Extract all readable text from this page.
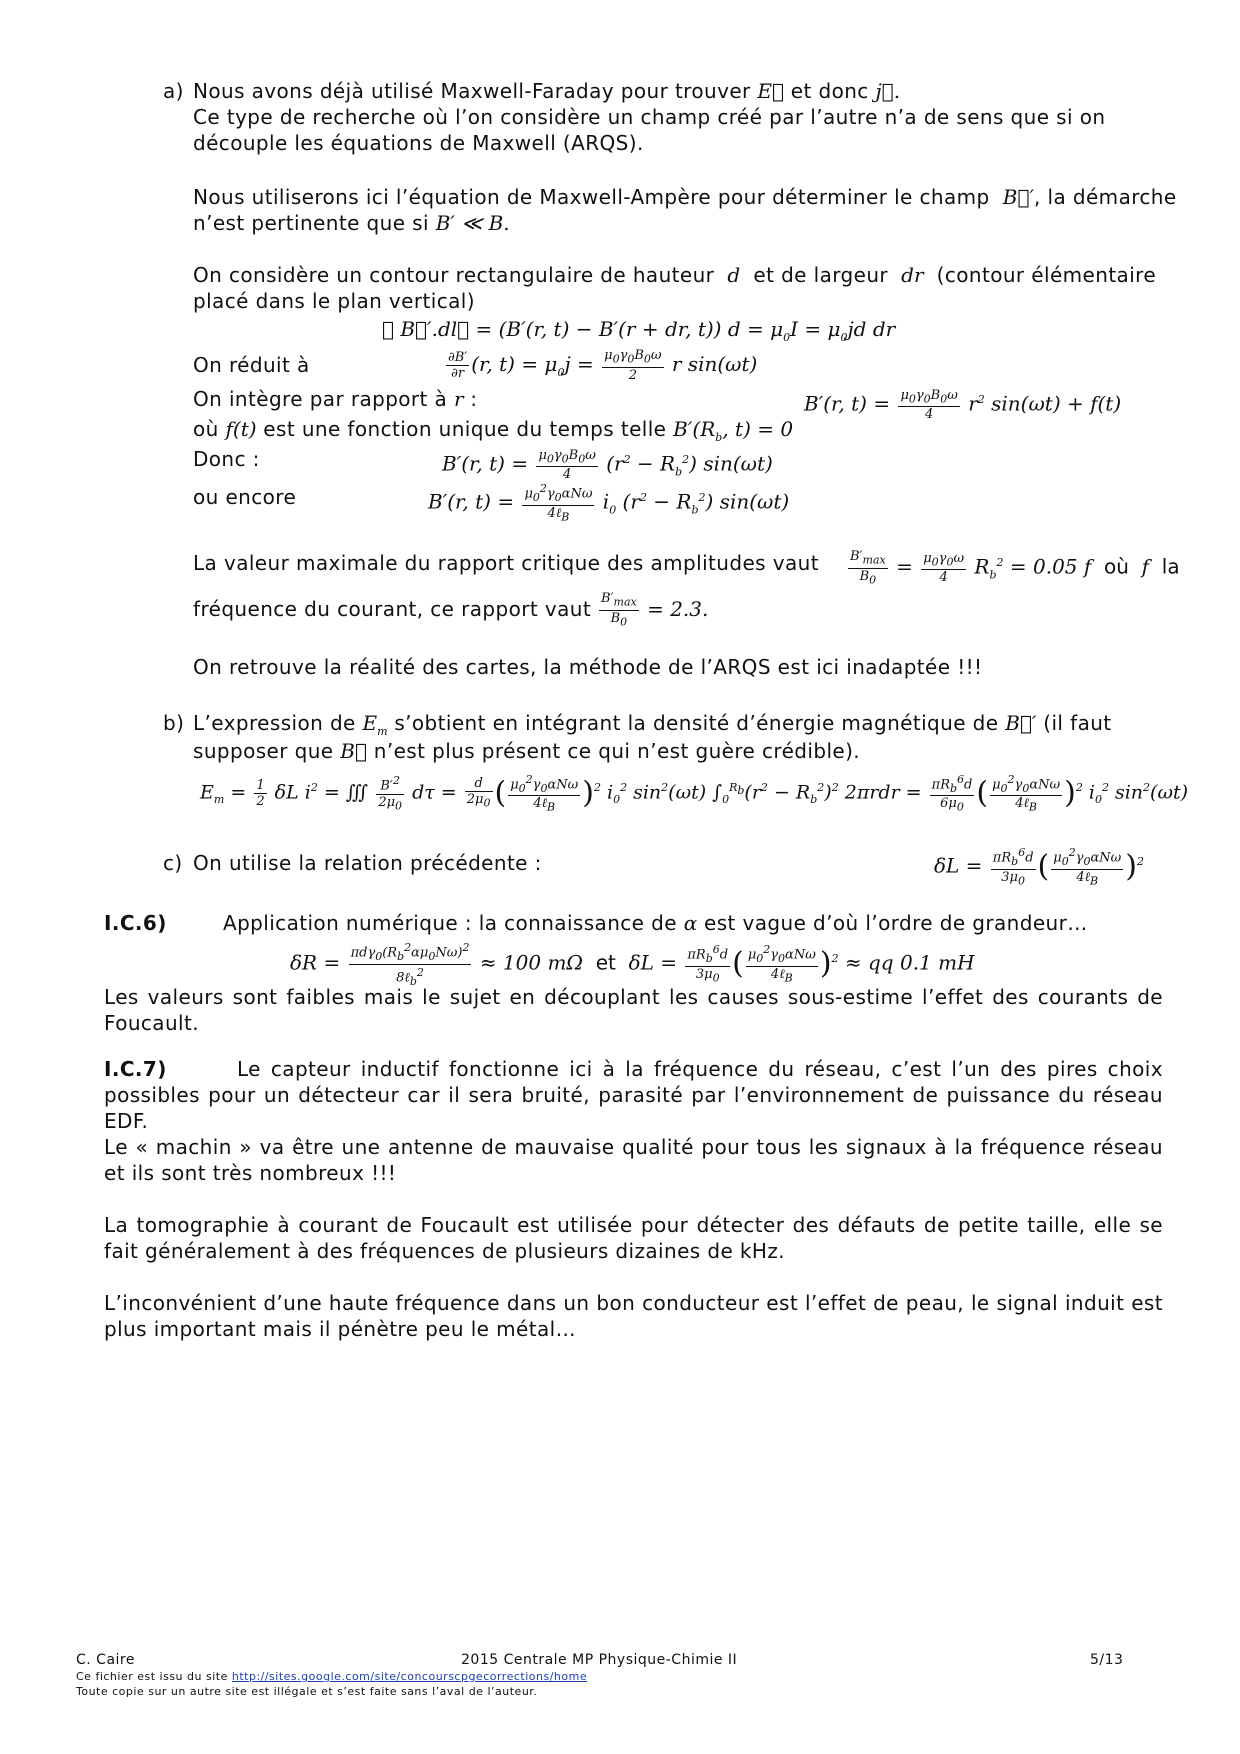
a) Nous avons déjà utilisé Maxwell-Faraday pour trouver E⃗ et donc j⃗.
Ce type de recherche où l’on considère un champ créé par l’autre n’a de sens que si on
découple les équations de Maxwell (ARQS).
Nous utiliserons ici l’équation de Maxwell-Ampère pour déterminer le champ  B⃗′, la démarche
n’est pertinente que si B′ ≪ B.
On considère un contour rectangulaire de hauteur  d  et de largeur  dr  (contour élémentaire
placé dans le plan vertical)
∮ B⃗′.dl⃗ = (B′(r, t) − B′(r + dr, t)) $d = \mu_0I = \mu_0jd$ dr
On réduit à	$\frac{\partial B'}{\partial r} (r$, $t) = \mu_0j = \frac{\mu_0\gamma_0B_0\omega}{2}$ r sin(ωt)
On intègre par rapport à r :	B′(r, $t) = \frac{\mu_0\gamma_0B_0\omega}{4} r^2$ sin(ωt) + f(t)
où f(t) est une fonction unique du temps telle $B'(R_b$, t) = 0
Donc :	B′(r, $t) = \frac{\mu_0\gamma_0B_0\omega}{4} (r^2 - R_b^2)$ sin(ωt)
ou encore	B′(r, $t) = \frac{\mu_0^2\gamma_0\alpha N\omega}{4\ell_B} i_0$ $(r^2 - R_b^2)$ sin(ωt)
La valeur maximale du rapport critique des amplitudes vaut $\frac{B'_{max}}{B_0} = \frac{\mu_0\gamma_0\omega}{4} R_b^2 = 0.05$ f  où  f  la
fréquence du courant, ce rapport vaut $\frac{B'_{max}}{B_0} = 2.3$.
On retrouve la réalité des cartes, la méthode de l’ARQS est ici inadaptée !!!
b) L’expression de $E_m$ s’obtient en intégrant la densité d’énergie magnétique de B⃗′ (il faut
supposer que B⃗ n’est plus présent ce qui n’est guère crédible).
$E_m = \frac{1}{2}$ δL $i^2$ = ∭ $\frac{B'^2}{2\mu_0}$ $d\tau = \frac{d}{2\mu_0}$ ( $\frac{\mu_0^2\gamma_0\alpha N\omega}{4\ell_B} )^2$ $i_0^2$ $\sin^2(\omega t) \int_0^{R_b}(r^2 - R_b^2)^2$ $2\pi rdr = \frac{\pi R_b^6d}{6\mu_0}$ ( $\frac{\mu_0^2\gamma_0\alpha N\omega}{4\ell_B} )^2$ $i_0^2$ $\sin^2(\omega t)$
c) On utilise la relation précédente :	$\delta L = \frac{\pi R_b^6d}{3\mu_0}$ ( $\frac{\mu_0^2\gamma_0\alpha N\omega}{4\ell_B} )^2$
I.C.6)	Application numérique : la connaissance de α est vague d’où l’ordre de grandeur…
$\delta R = \frac{\pi d\gamma_0(R_b^2\alpha\mu_0N\omega)^2}{8\ell_b^2} \approx 100$ mΩ  et  $\delta L = \frac{\pi R_b^6d}{3\mu_0}$ ( $\frac{\mu_0^2\gamma_0\alpha N\omega}{4\ell_B} )^2$ ≈ qq 0.1 mH
Les valeurs sont faibles mais le sujet en découplant les causes sous-estime l’effet des courants de Foucault.
I.C.7)	Le capteur inductif fonctionne ici à la fréquence du réseau, c’est l’un des pires choix possibles pour un détecteur car il sera bruité, parasité par l’environnement de puissance du réseau EDF.
Le « machin » va être une antenne de mauvaise qualité pour tous les signaux à la fréquence réseau et ils sont très nombreux !!!
La tomographie à courant de Foucault est utilisée pour détecter des défauts de petite taille, elle se fait généralement à des fréquences de plusieurs dizaines de kHz.
L’inconvénient d’une haute fréquence dans un bon conducteur est l’effet de peau, le signal induit est plus important mais il pénètre peu le métal…
C. Caire	2015 Centrale MP Physique-Chimie II	5/13
Ce fichier est issu du site http://sites.google.com/site/concourscpgecorrections/home
Toute copie sur un autre site est illégale et s’est faite sans l’aval de l’auteur.
